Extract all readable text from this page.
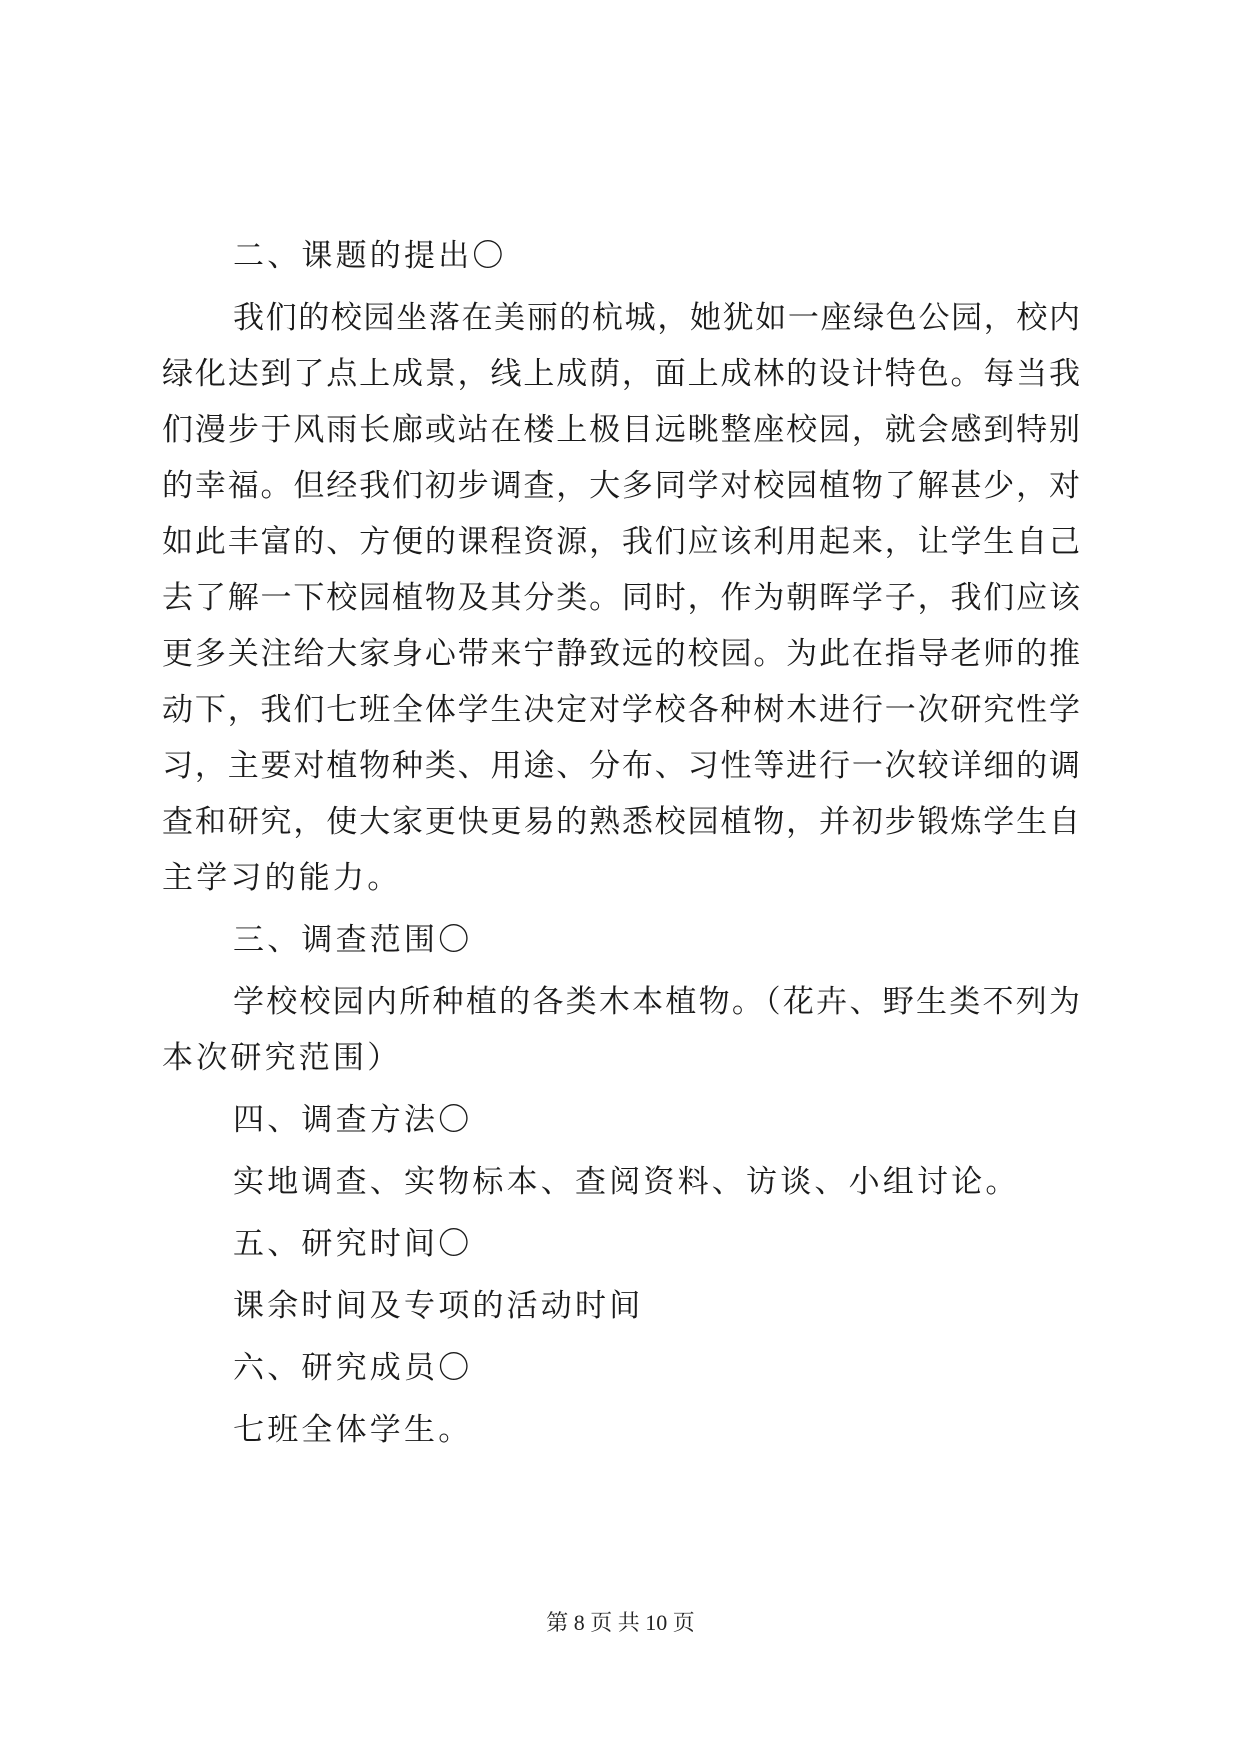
二、课题的提出〇
我们的校园坐落在美丽的杭城，她犹如一座绿色公园，校内
绿化达到了点上成景，线上成荫，面上成林的设计特色。每当我
们漫步于风雨长廊或站在楼上极目远眺整座校园，就会感到特别
的幸福。但经我们初步调查，大多同学对校园植物了解甚少，对
如此丰富的、方便的课程资源，我们应该利用起来，让学生自己
去了解一下校园植物及其分类。同时，作为朝晖学子，我们应该
更多关注给大家身心带来宁静致远的校园。为此在指导老师的推
动下，我们七班全体学生决定对学校各种树木进行一次研究性学
习，主要对植物种类、用途、分布、习性等进行一次较详细的调
查和研究，使大家更快更易的熟悉校园植物，并初步锻炼学生自
主学习的能力。
三、调查范围〇
学校校园内所种植的各类木本植物。（花卉、野生类不列为
本次研究范围）
四、调查方法〇
实地调查、实物标本、查阅资料、访谈、小组讨论。
五、研究时间〇
课余时间及专项的活动时间
六、研究成员〇
七班全体学生。
第 8 页 共 10 页
